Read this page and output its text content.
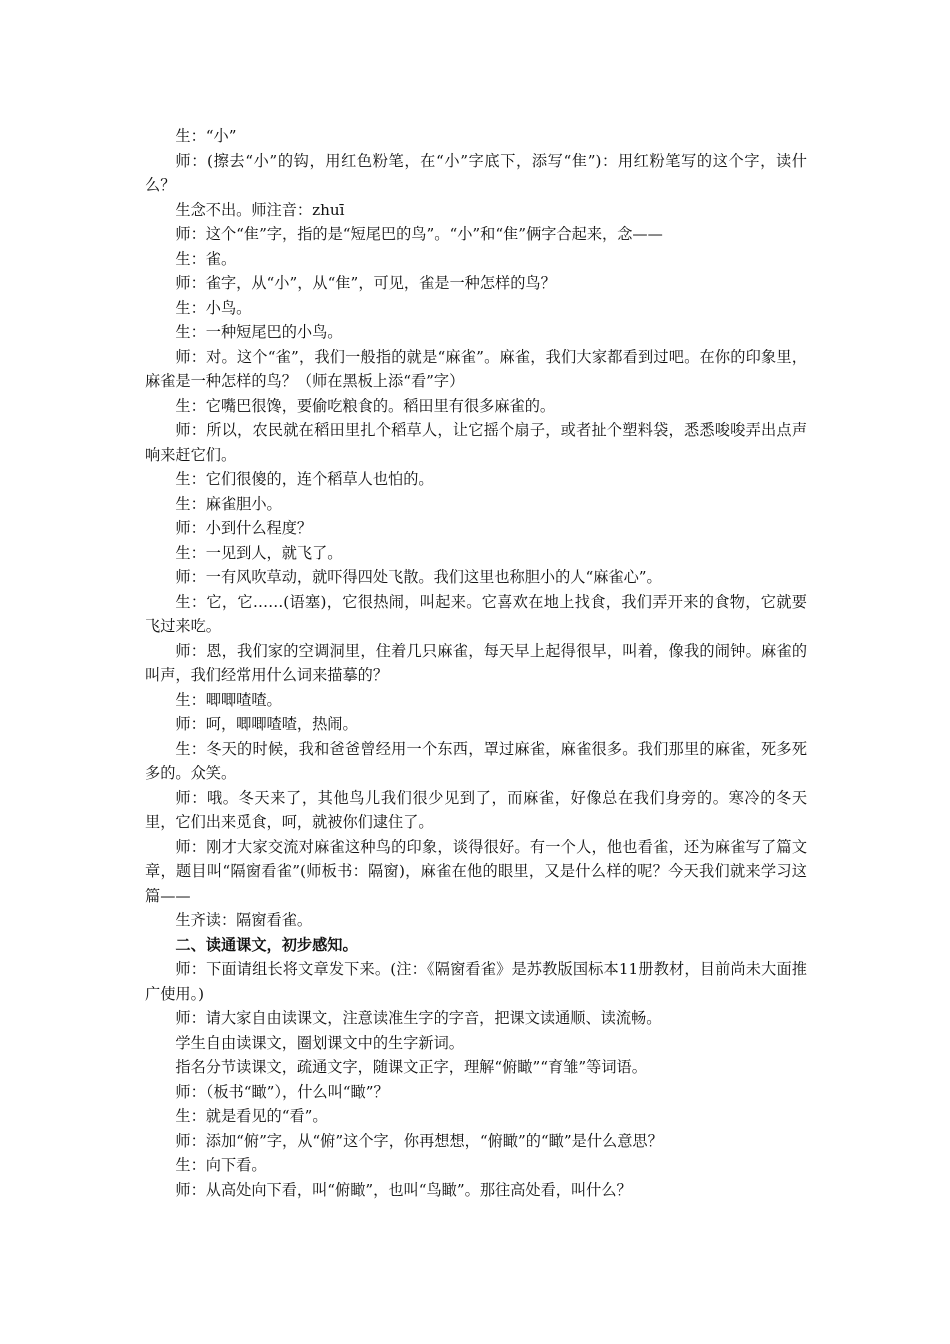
生：“小”

师：(擦去“小”的钩，用红色粉笔，在“小”字底下，添写“隹”)：用红粉笔写的这个字，读什么？

生念不出。师注音：zhuī

师：这个“隹”字，指的是“短尾巴的鸟”。“小”和“隹”俩字合起来，念——

生：雀。

师：雀字，从“小”，从“隹”，可见，雀是一种怎样的鸟？

生：小鸟。

生：一种短尾巴的小鸟。

师：对。这个“雀”，我们一般指的就是“麻雀”。麻雀，我们大家都看到过吧。在你的印象里，麻雀是一种怎样的鸟？（师在黑板上添“看”字）

生：它嘴巴很馋，要偷吃粮食的。稻田里有很多麻雀的。

师：所以，农民就在稻田里扎个稻草人，让它摇个扇子，或者扯个塑料袋，悉悉唆唆弄出点声响来赶它们。

生：它们很傻的，连个稻草人也怕的。

生：麻雀胆小。

师：小到什么程度？

生：一见到人，就飞了。

师：一有风吹草动，就吓得四处飞散。我们这里也称胆小的人“麻雀心”。

生：它，它……(语塞)，它很热闹，叫起来。它喜欢在地上找食，我们弄开来的食物，它就要飞过来吃。

师：恩，我们家的空调洞里，住着几只麻雀，每天早上起得很早，叫着，像我的闹钟。麻雀的叫声，我们经常用什么词来描摹的？

生：唧唧喳喳。

师：呵，唧唧喳喳，热闹。

生：冬天的时候，我和爸爸曾经用一个东西，罩过麻雀，麻雀很多。我们那里的麻雀，死多死多的。众笑。

师：哦。冬天来了，其他鸟儿我们很少见到了，而麻雀，好像总在我们身旁的。寒冷的冬天里，它们出来觅食，呵，就被你们逮住了。

师：刚才大家交流对麻雀这种鸟的印象，谈得很好。有一个人，他也看雀，还为麻雀写了篇文章，题目叫“隔窗看雀”(师板书：隔窗)，麻雀在他的眼里，又是什么样的呢？今天我们就来学习这篇——

生齐读：隔窗看雀。

二、读通课文，初步感知。

师：下面请组长将文章发下来。(注：《隔窗看雀》是苏教版国标本11册教材，目前尚未大面推广使用。)

师：请大家自由读课文，注意读准生字的字音，把课文读通顺、读流畅。

学生自由读课文，圈划课文中的生字新词。

指名分节读课文，疏通文字，随课文正字，理解“俯瞰”“育雏”等词语。

师：（板书“瞰”），什么叫“瞰”？

生：就是看见的“看”。

师：添加“俯”字，从“俯”这个字，你再想想，“俯瞰”的“瞰”是什么意思？

生：向下看。

师：从高处向下看，叫“俯瞰”，也叫“鸟瞰”。那往高处看，叫什么？
